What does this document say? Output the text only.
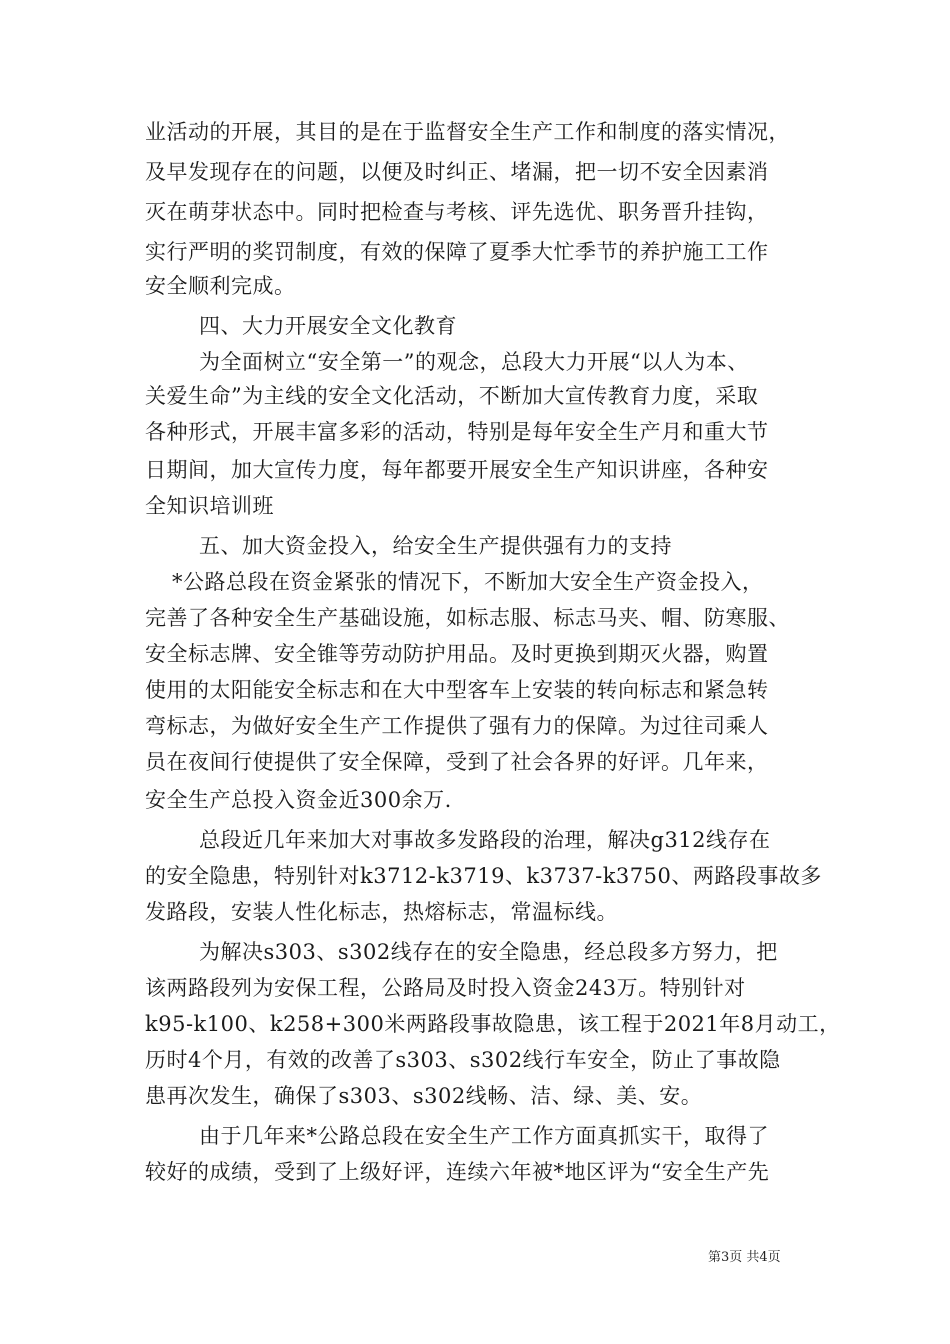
业活动的开展，其目的是在于监督安全生产工作和制度的落实情况，
及早发现存在的问题，以便及时纠正、堵漏，把一切不安全因素消
灭在萌芽状态中。同时把检查与考核、评先选优、职务晋升挂钩，
实行严明的奖罚制度，有效的保障了夏季大忙季节的养护施工工作
安全顺利完成。
四、大力开展安全文化教育
为全面树立“安全第一”的观念，总段大力开展“以人为本、
关爱生命”为主线的安全文化活动，不断加大宣传教育力度，采取
各种形式，开展丰富多彩的活动，特别是每年安全生产月和重大节
日期间，加大宣传力度，每年都要开展安全生产知识讲座，各种安
全知识培训班
五、加大资金投入，给安全生产提供强有力的支持
*公路总段在资金紧张的情况下，不断加大安全生产资金投入，
完善了各种安全生产基础设施，如标志服、标志马夹、帽、防寒服、
安全标志牌、安全锥等劳动防护用品。及时更换到期灭火器，购置
使用的太阳能安全标志和在大中型客车上安装的转向标志和紧急转
弯标志，为做好安全生产工作提供了强有力的保障。为过往司乘人
员在夜间行使提供了安全保障，受到了社会各界的好评。几年来，
安全生产总投入资金近300余万.
总段近几年来加大对事故多发路段的治理，解决g312线存在
的安全隐患，特别针对k3712-k3719、k3737-k3750、两路段事故多
发路段，安装人性化标志，热熔标志，常温标线。
为解决s303、s302线存在的安全隐患，经总段多方努力，把
该两路段列为安保工程，公路局及时投入资金243万。特别针对
k95-k100、k258+300米两路段事故隐患，该工程于2021年8月动工，
历时4个月，有效的改善了s303、s302线行车安全，防止了事故隐
患再次发生，确保了s303、s302线畅、洁、绿、美、安。
由于几年来*公路总段在安全生产工作方面真抓实干，取得了
较好的成绩，受到了上级好评，连续六年被*地区评为“安全生产先
第3页 共4页
